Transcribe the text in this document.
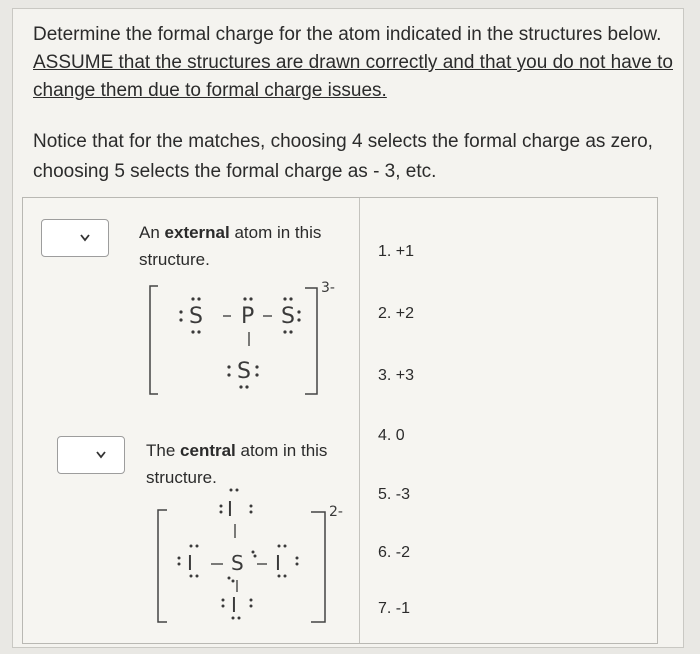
Determine the formal charge for the atom indicated in the structures below.

ASSUME that the structures are drawn correctly and that you do not have to

change them due to formal charge issues.

Notice that for the matches, choosing 4 selects the formal charge as zero,
choosing 5 selects the formal charge as - 3, etc.
An external atom in this structure.
3-
S P S
S
The central atom in this structure.
2-
I
I S I
I
1. +1
2. +2
3. +3
4. 0
5. -3
6. -2
7. -1
